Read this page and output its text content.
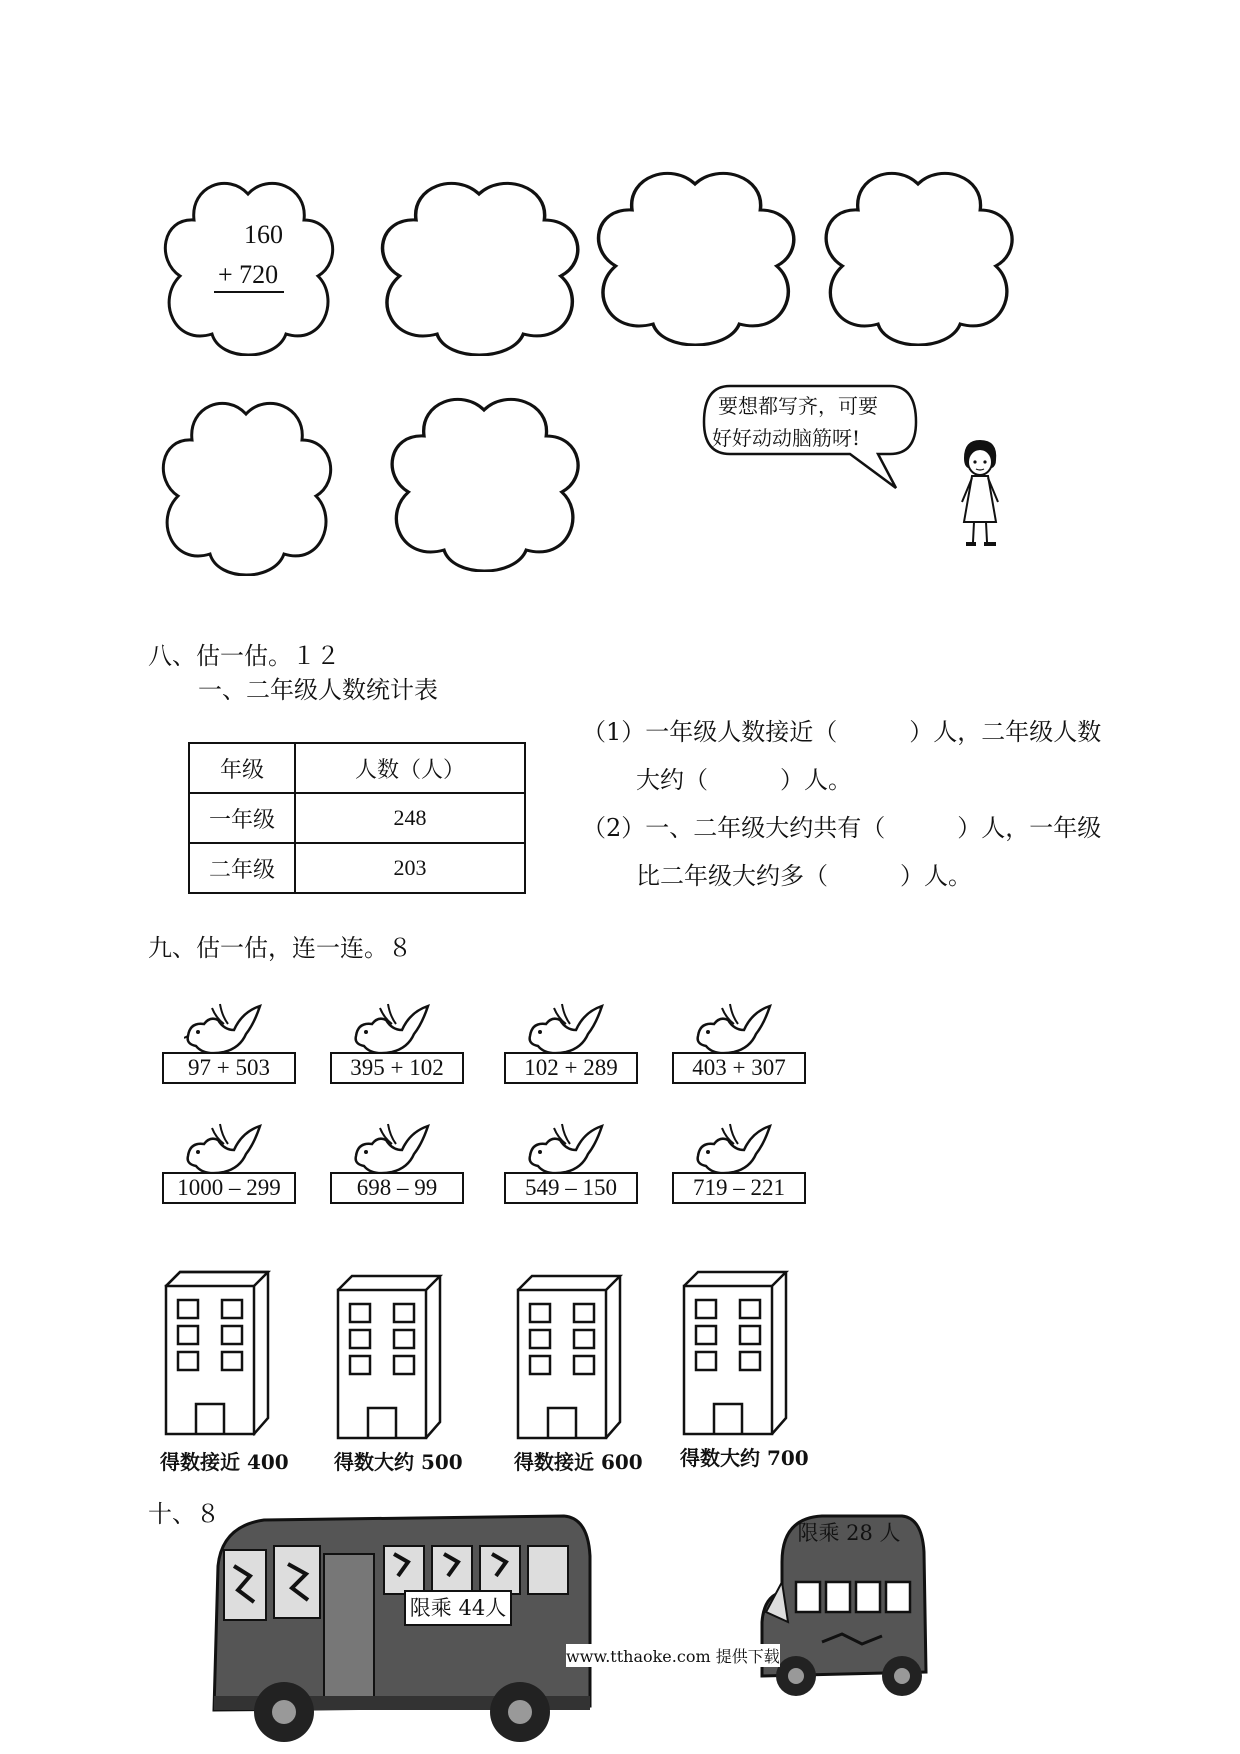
160
+ 720
要想都写齐，可要
好好动动脑筋呀!
八、估一估。１２
一、二年级人数统计表
年级	人数（人）
一年级	248
二年级	203
（1）一年级人数接近（　　　）人，二年级人数
大约（　　　）人。
（2）一、二年级大约共有（　　　）人，一年级
比二年级大约多（　　　）人。
九、估一估，连一连。８
97 + 503	395 + 102	102 + 289	403 + 307
1000 – 299	698 – 99	549 – 150	719 – 221
得数接近 400 得数大约 500	得数接近 600 得数大约 700
十、８
限乘 44人
限乘 28 人
www.tthaoke.com 提供下载
